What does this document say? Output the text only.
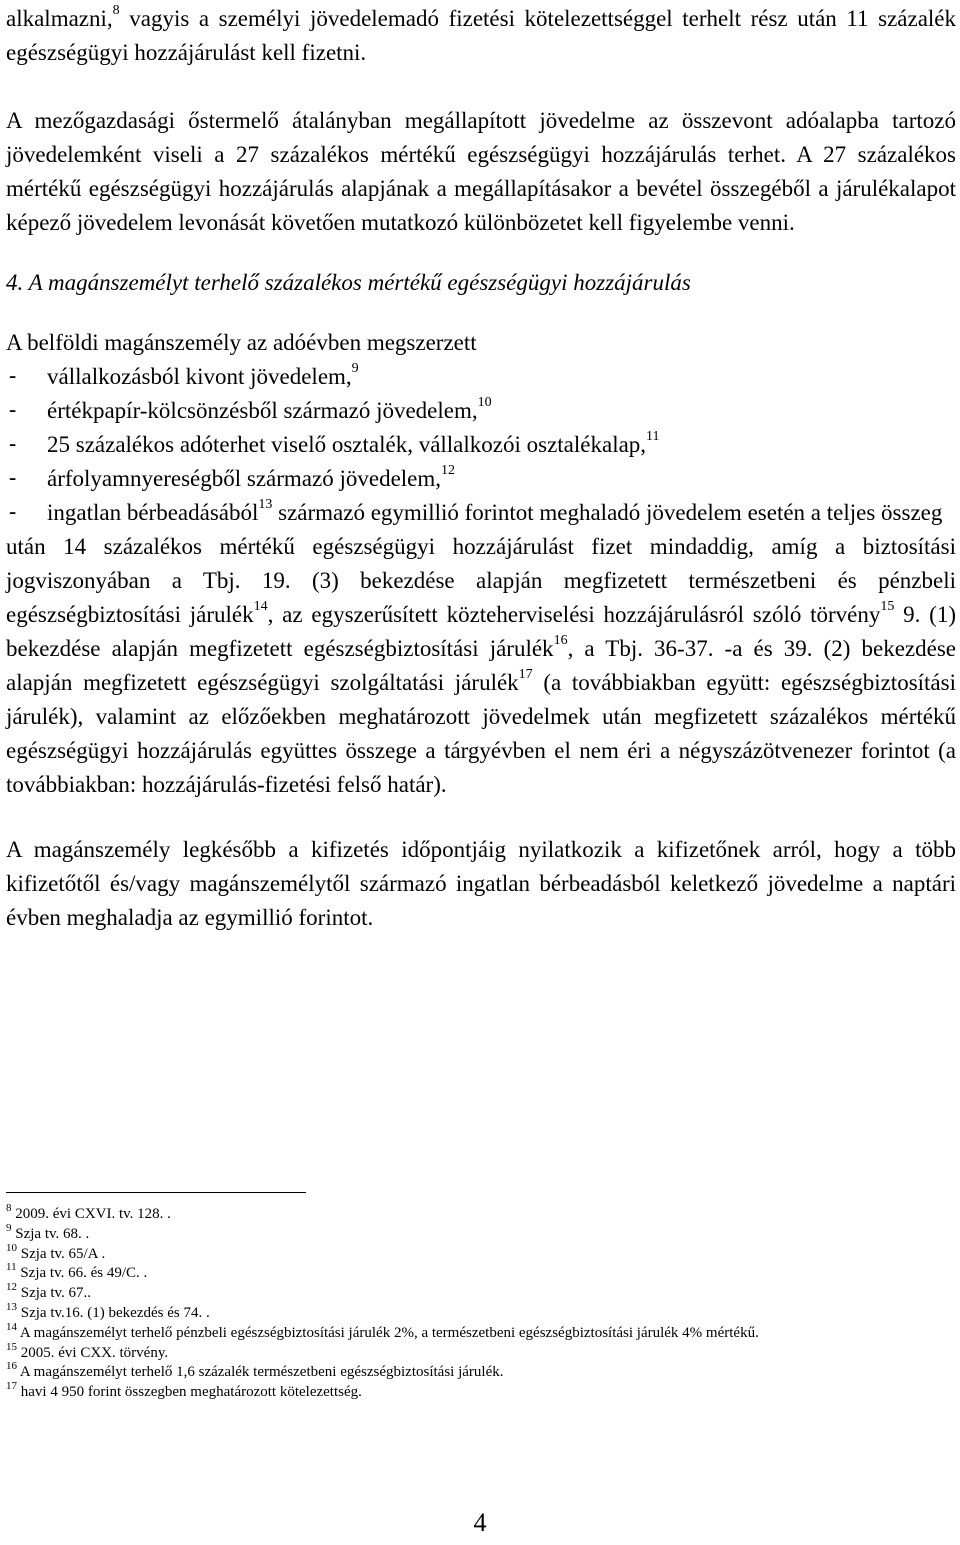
alkalmazni,$^8$ vagyis a személyi jövedelemadó fizetési kötelezettséggel terhelt rész után 11 százalék egészségügyi hozzájárulást kell fizetni.

A mezőgazdasági őstermelő átalányban megállapított jövedelme az összevont adóalapba tartozó jövedelemként viseli a 27 százalékos mértékű egészségügyi hozzájárulás terhet. A 27 százalékos mértékű egészségügyi hozzájárulás alapjának a megállapításakor a bevétel összegéből a járulékalapot képező jövedelem levonását követően mutatkozó különbözetet kell figyelembe venni.

4. A magánszemélyt terhelő százalékos mértékű egészségügyi hozzájárulás

A belföldi magánszemély az adóévben megszerzett

- vállalkozásból kivont jövedelem,$^9$
- értékpapír-kölcsönzésből származó jövedelem,$^{10}$
- 25 százalékos adóterhet viselő osztalék, vállalkozói osztalékalap,$^{11}$
- árfolyamnyereségből származó jövedelem,$^{12}$
- ingatlan bérbeadásából$^{13}$ származó egymillió forintot meghaladó jövedelem esetén a teljes összeg

után 14 százalékos mértékű egészségügyi hozzájárulást fizet mindaddig, amíg a biztosítási jogviszonyában a Tbj. 19. (3) bekezdése alapján megfizetett természetbeni és pénzbeli egészségbiztosítási járulék$^{14}$, az egyszerűsített közteherviselési hozzájárulásról szóló törvény$^{15}$ 9. (1) bekezdése alapján megfizetett egészségbiztosítási járulék$^{16}$, a Tbj. 36-37. -a és 39. (2) bekezdése alapján megfizetett egészségügyi szolgáltatási járulék$^{17}$ (a továbbiakban együtt: egészségbiztosítási járulék), valamint az előzőekben meghatározott jövedelmek után megfizetett százalékos mértékű egészségügyi hozzájárulás együttes összege a tárgyévben el nem éri a négyszázötvenezer forintot (a továbbiakban: hozzájárulás-fizetési felső határ).

A magánszemély legkésőbb a kifizetés időpontjáig nyilatkozik a kifizetőnek arról, hogy a több kifizetőtől és/vagy magánszemélytől származó ingatlan bérbeadásból keletkező jövedelme a naptári évben meghaladja az egymillió forintot.

$^8$ 2009. évi CXVI. tv. 128. .
$^9$ Szja tv. 68. .
$^{10}$ Szja tv. 65/A .
$^{11}$ Szja tv. 66. és 49/C. .
$^{12}$ Szja tv. 67..
$^{13}$ Szja tv.16. (1) bekezdés és 74. .
$^{14}$ A magánszemélyt terhelő pénzbeli egészségbiztosítási járulék 2%, a természetbeni egészségbiztosítási járulék 4% mértékű.
$^{15}$ 2005. évi CXX. törvény.
$^{16}$ A magánszemélyt terhelő 1,6 százalék természetbeni egészségbiztosítási járulék.
$^{17}$ havi 4 950 forint összegben meghatározott kötelezettség.
4
